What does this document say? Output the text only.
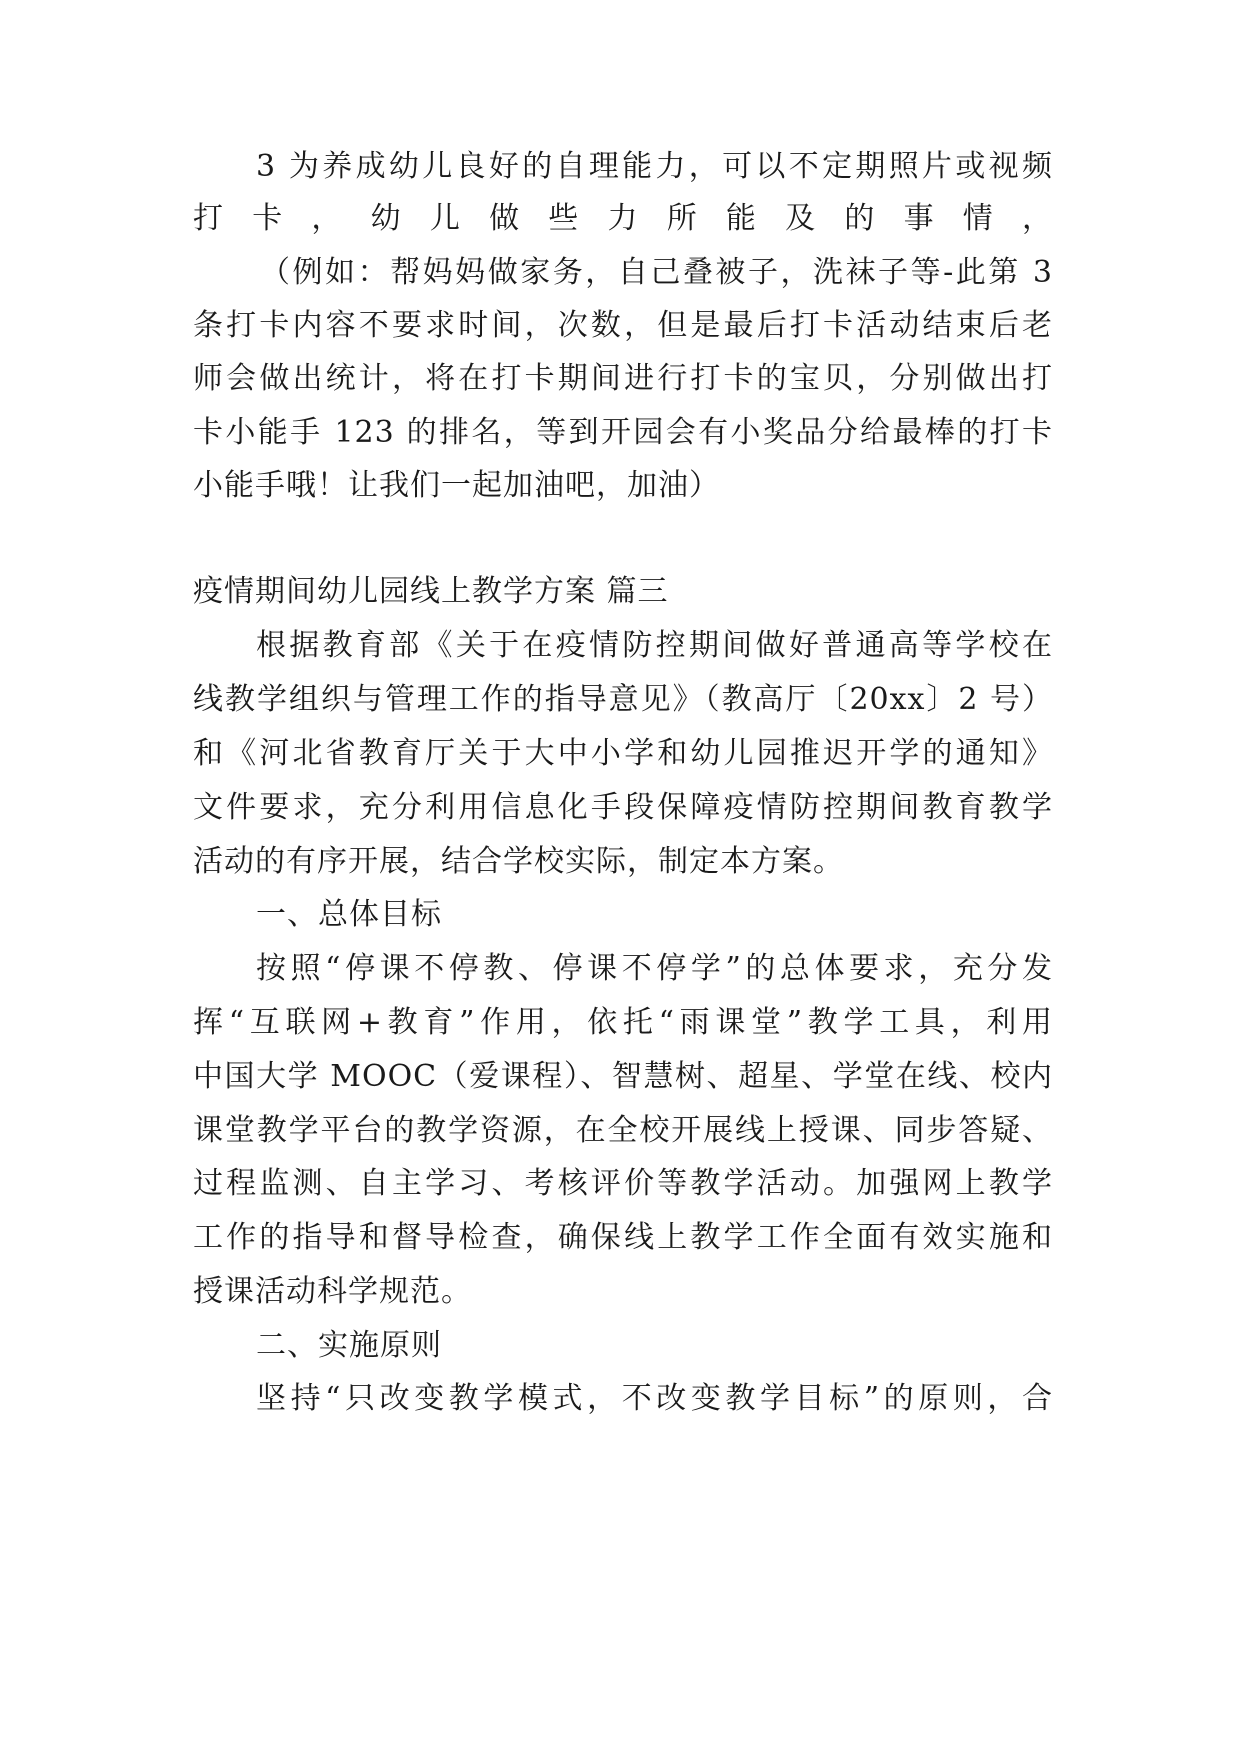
3 为养成幼儿良好的自理能力，可以不定期照片或视频
打卡，幼儿做些力所能及的事情，
（例如：帮妈妈做家务，自己叠被子，洗袜子等-此第 3
条打卡内容不要求时间，次数，但是最后打卡活动结束后老
师会做出统计，将在打卡期间进行打卡的宝贝，分别做出打
卡小能手 123 的排名，等到开园会有小奖品分给最棒的打卡
小能手哦！让我们一起加油吧，加油）
疫情期间幼儿园线上教学方案 篇三
根据教育部《关于在疫情防控期间做好普通高等学校在
线教学组织与管理工作的指导意见》（教高厅〔20xx〕2 号）
和《河北省教育厅关于大中小学和幼儿园推迟开学的通知》
文件要求，充分利用信息化手段保障疫情防控期间教育教学
活动的有序开展，结合学校实际，制定本方案。
一、总体目标
按照“停课不停教、停课不停学”的总体要求，充分发
挥“互联网+教育”作用，依托“雨课堂”教学工具，利用
中国大学 MOOC（爱课程）、智慧树、超星、学堂在线、校内
课堂教学平台的教学资源，在全校开展线上授课、同步答疑、
过程监测、自主学习、考核评价等教学活动。加强网上教学
工作的指导和督导检查，确保线上教学工作全面有效实施和
授课活动科学规范。
二、实施原则
坚持“只改变教学模式，不改变教学目标”的原则，合
